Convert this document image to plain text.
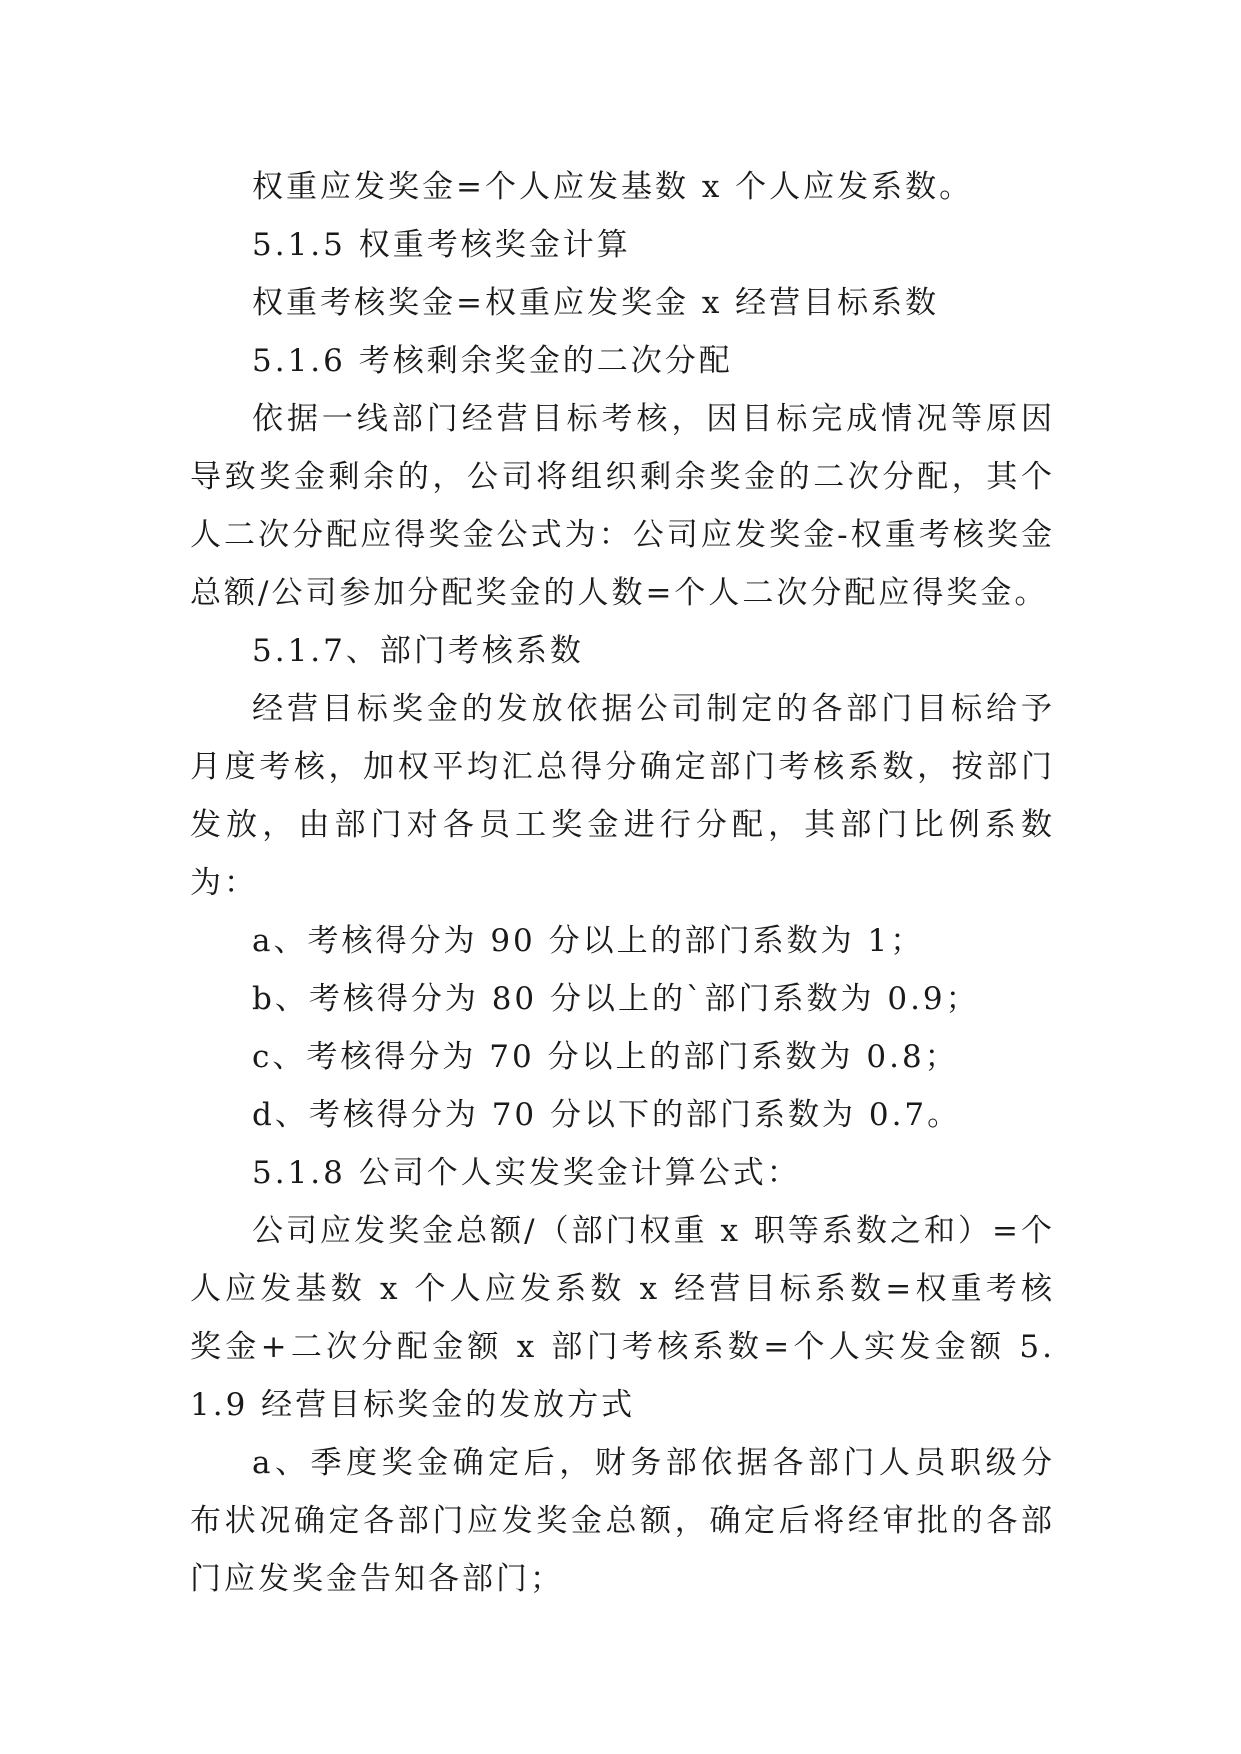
权重应发奖金=个人应发基数 x 个人应发系数。

5.1.5 权重考核奖金计算

权重考核奖金=权重应发奖金 x 经营目标系数

5.1.6 考核剩余奖金的二次分配

依据一线部门经营目标考核，因目标完成情况等原因导致奖金剩余的，公司将组织剩余奖金的二次分配，其个人二次分配应得奖金公式为：公司应发奖金-权重考核奖金总额/公司参加分配奖金的人数=个人二次分配应得奖金。

5.1.7、部门考核系数

经营目标奖金的发放依据公司制定的各部门目标给予月度考核，加权平均汇总得分确定部门考核系数，按部门发放，由部门对各员工奖金进行分配，其部门比例系数为：

a、考核得分为 90 分以上的部门系数为 1；

b、考核得分为 80 分以上的`部门系数为 0.9；

c、考核得分为 70 分以上的部门系数为 0.8；

d、考核得分为 70 分以下的部门系数为 0.7。

5.1.8 公司个人实发奖金计算公式：

公司应发奖金总额/（部门权重 x 职等系数之和）=个人应发基数 x 个人应发系数 x 经营目标系数=权重考核奖金+二次分配金额 x 部门考核系数=个人实发金额 5.1.9 经营目标奖金的发放方式

a、季度奖金确定后，财务部依据各部门人员职级分布状况确定各部门应发奖金总额，确定后将经审批的各部门应发奖金告知各部门；
